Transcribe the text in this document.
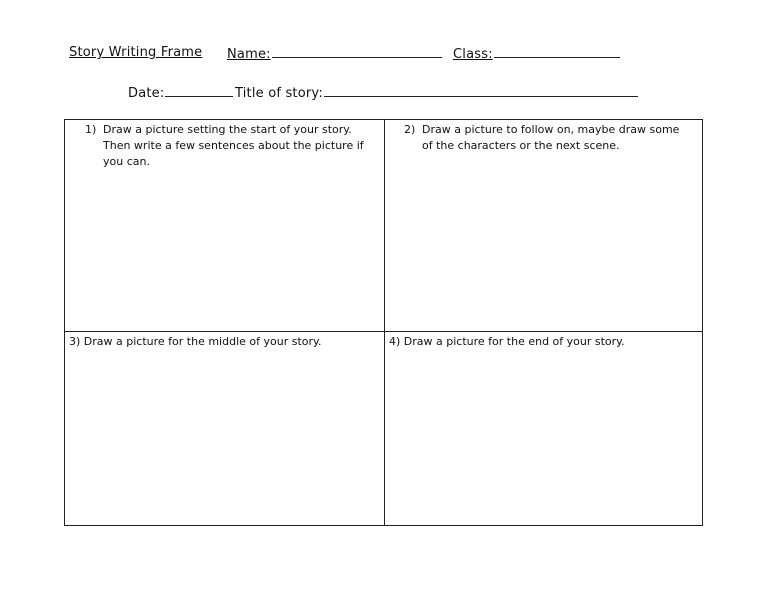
Story Writing Frame Name:	Class:
Date:	Title of story:
1) Draw a picture setting the start of your story. Then write a few sentences about the picture if you can.
2) Draw a picture to follow on, maybe draw some of the characters or the next scene.
3) Draw a picture for the middle of your story.	4) Draw a picture for the end of your story.
